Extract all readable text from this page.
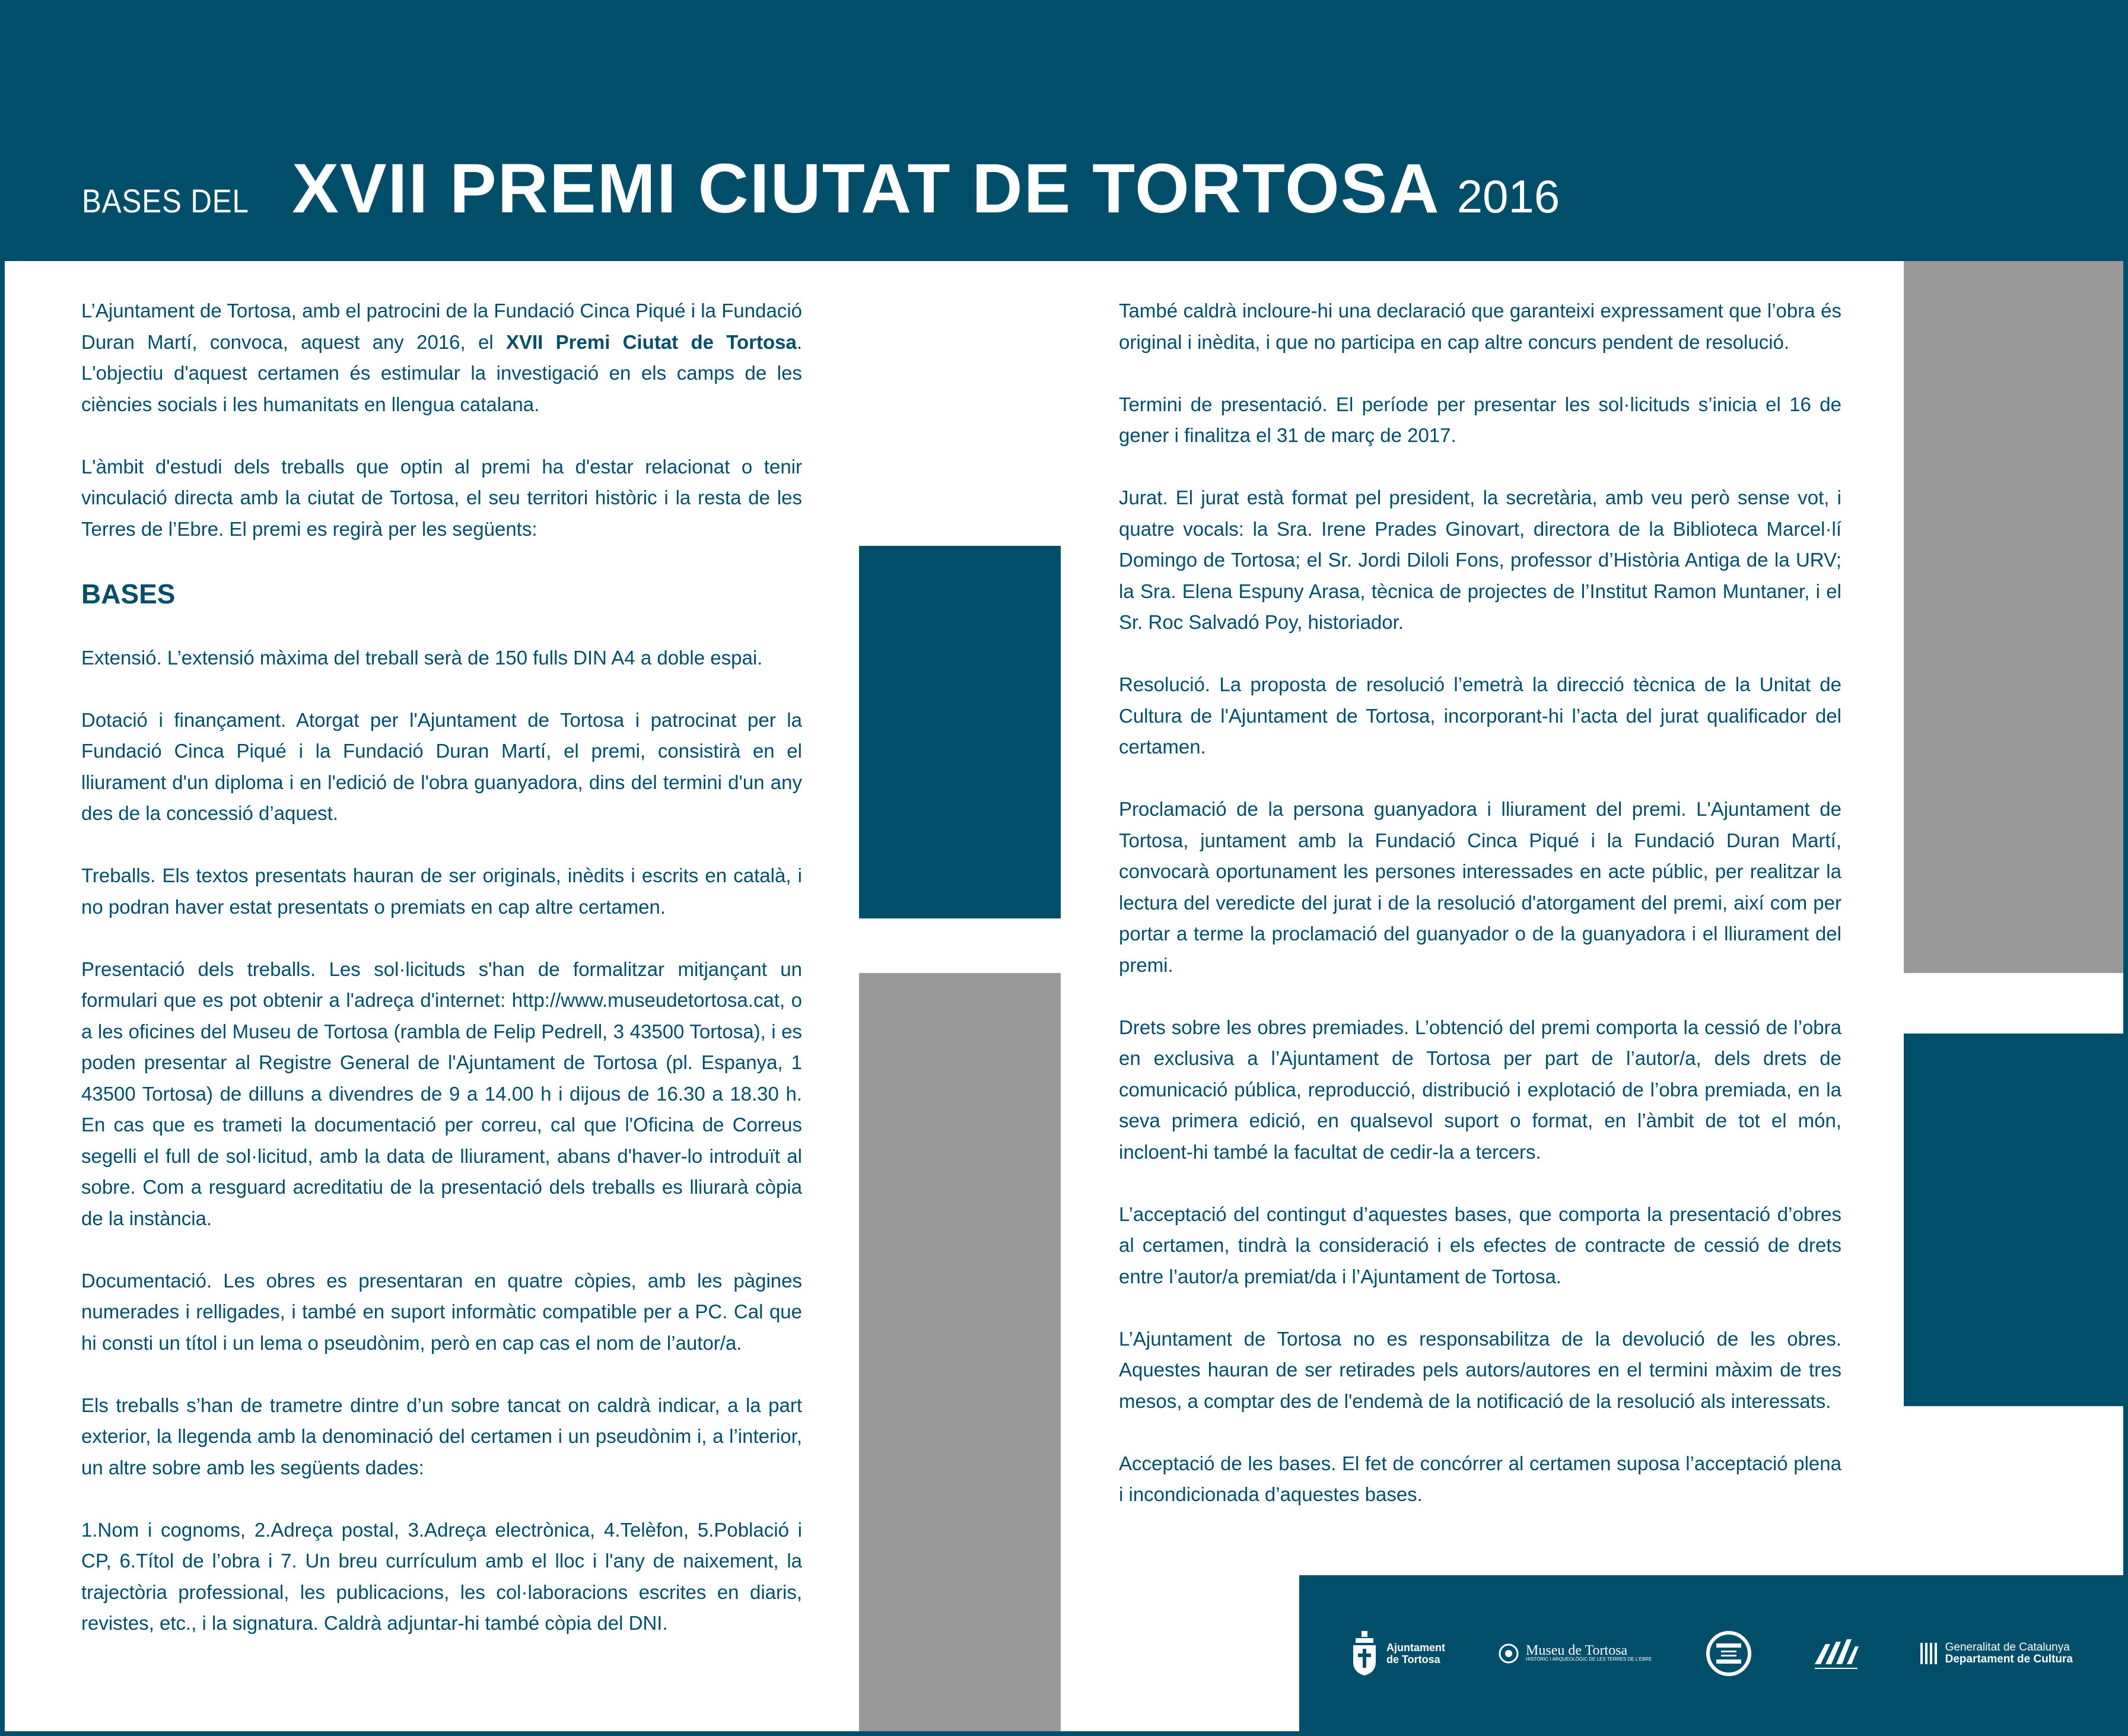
BASES DEL XVII PREMI CIUTAT DE TORTOSA 2016

L’Ajuntament de Tortosa, amb el patrocini de la Fundació Cinca Piqué i la Fundació Duran Martí, convoca, aquest any 2016, el XVII Premi Ciutat de Tortosa. L'objectiu d'aquest certamen és estimular la investigació en els camps de les ciències socials i les humanitats en llengua catalana.

L'àmbit d'estudi dels treballs que optin al premi ha d'estar relacionat o tenir vinculació directa amb la ciutat de Tortosa, el seu territori històric i la resta de les Terres de l’Ebre. El premi es regirà per les següents:

BASES

Extensió. L’extensió màxima del treball serà de 150 fulls DIN A4 a doble espai.

Dotació i finançament. Atorgat per l'Ajuntament de Tortosa i patrocinat per la Fundació Cinca Piqué i la Fundació Duran Martí, el premi, consistirà en el lliurament d'un diploma i en l'edició de l'obra guanyadora, dins del termini d'un any des de la concessió d’aquest.

Treballs. Els textos presentats hauran de ser originals, inèdits i escrits en català, i no podran haver estat presentats o premiats en cap altre certamen.

Presentació dels treballs. Les sol·licituds s'han de formalitzar mitjançant un formulari que es pot obtenir a l'adreça d'internet: http://www.museudetortosa.cat, o a les oficines del Museu de Tortosa (rambla de Felip Pedrell, 3 43500 Tortosa), i es poden presentar al Registre General de l'Ajuntament de Tortosa (pl. Espanya, 1 43500 Tortosa) de dilluns a divendres de 9 a 14.00 h i dijous de 16.30 a 18.30 h. En cas que es trameti la documentació per correu, cal que l'Oficina de Correus segelli el full de sol·licitud, amb la data de lliurament, abans d'haver-lo introduït al sobre. Com a resguard acreditatiu de la presentació dels treballs es lliurarà còpia de la instància.

Documentació. Les obres es presentaran en quatre còpies, amb les pàgines numerades i relligades, i també en suport informàtic compatible per a PC. Cal que hi consti un títol i un lema o pseudònim, però en cap cas el nom de l’autor/a.

Els treballs s’han de trametre dintre d’un sobre tancat on caldrà indicar, a la part exterior, la llegenda amb la denominació del certamen i un pseudònim i, a l’interior, un altre sobre amb les següents dades:

1.Nom i cognoms, 2.Adreça postal, 3.Adreça electrònica, 4.Telèfon, 5.Població i CP, 6.Títol de l’obra i 7. Un breu currículum amb el lloc i l'any de naixement, la trajectòria professional, les publicacions, les col·laboracions escrites en diaris, revistes, etc., i la signatura. Caldrà adjuntar-hi també còpia del DNI.

També caldrà incloure-hi una declaració que garanteixi expressament que l’obra és original i inèdita, i que no participa en cap altre concurs pendent de resolució.

Termini de presentació. El període per presentar les sol·licituds s’inicia el 16 de gener i finalitza el 31 de març de 2017.

Jurat. El jurat està format pel president, la secretària, amb veu però sense vot, i quatre vocals: la Sra. Irene Prades Ginovart, directora de la Biblioteca Marcel·lí Domingo de Tortosa; el Sr. Jordi Diloli Fons, professor d’Història Antiga de la URV; la Sra. Elena Espuny Arasa, tècnica de projectes de l’Institut Ramon Muntaner, i el Sr. Roc Salvadó Poy, historiador.

Resolució. La proposta de resolució l’emetrà la direcció tècnica de la Unitat de Cultura de l'Ajuntament de Tortosa, incorporant-hi l’acta del jurat qualificador del certamen.

Proclamació de la persona guanyadora i lliurament del premi. L'Ajuntament de Tortosa, juntament amb la Fundació Cinca Piqué i la Fundació Duran Martí, convocarà oportunament les persones interessades en acte públic, per realitzar la lectura del veredicte del jurat i de la resolució d'atorgament del premi, així com per portar a terme la proclamació del guanyador o de la guanyadora i el lliurament del premi.

Drets sobre les obres premiades. L’obtenció del premi comporta la cessió de l’obra en exclusiva a l’Ajuntament de Tortosa per part de l’autor/a, dels drets de comunicació pública, reproducció, distribució i explotació de l’obra premiada, en la seva primera edició, en qualsevol suport o format, en l’àmbit de tot el món, incloent-hi també la facultat de cedir-la a tercers.

L’acceptació del contingut d’aquestes bases, que comporta la presentació d’obres al certamen, tindrà la consideració i els efectes de contracte de cessió de drets entre l’autor/a premiat/da i l’Ajuntament de Tortosa.

L’Ajuntament de Tortosa no es responsabilitza de la devolució de les obres. Aquestes hauran de ser retirades pels autors/autores en el termini màxim de tres mesos, a comptar des de l'endemà de la notificació de la resolució als interessats.

Acceptació de les bases. El fet de concórrer al certamen suposa l’acceptació plena i incondicionada d’aquestes bases.

Ajuntament
de Tortosa
Museu de Tortosa
HISTÒRIC I ARQUEOLÒGIC DE LES TERRES DE L'EBRE
Generalitat de Catalunya
Departament de Cultura
